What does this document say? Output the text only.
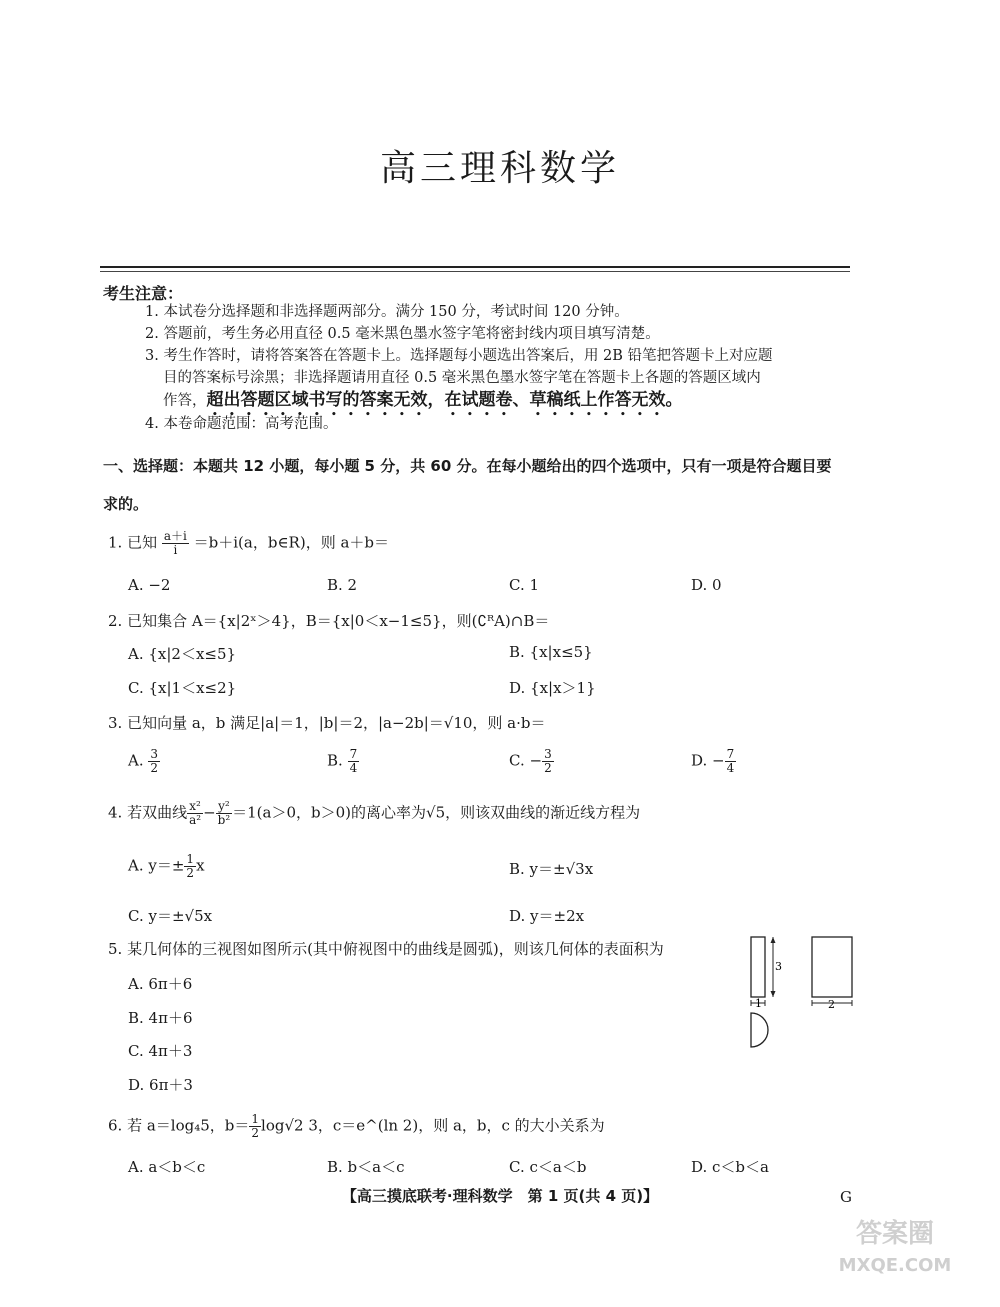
高三理科数学
考生注意：
1. 本试卷分选择题和非选择题两部分。满分 150 分，考试时间 120 分钟。
2. 答题前，考生务必用直径 0.5 毫米黑色墨水签字笔将密封线内项目填写清楚。
3. 考生作答时，请将答案答在答题卡上。选择题每小题选出答案后，用 2B 铅笔把答题卡上对应题
目的答案标号涂黑；非选择题请用直径 0.5 毫米黑色墨水签字笔在答题卡上各题的答题区域内
作答，超出答题区域书写的答案无效，在试题卷、草稿纸上作答无效。
4. 本卷命题范围：高考范围。
一、选择题：本题共 12 小题，每小题 5 分，共 60 分。在每小题给出的四个选项中，只有一项是符合题目要
求的。
1. 已知 $\frac{a+i}{i} =b+i(a$，b∈R)，则 a＋b＝
A. −2	B. 2	C. 1	D. 0
2. 已知集合 A＝{x|2ˣ＞4}，B＝{x|0＜x−1≤5}，则(∁ᴿA)∩B＝
A. {x|2＜x≤5}	B. {x|x≤5}
C. {x|1＜x≤2}	D. {x|x＞1}
3. 已知向量 a，b 满足|a|＝1，|b|＝2，|a−2b|＝√10，则 a·b＝
A. $\frac{3}{2}$	B. $\frac{7}{4}$	C. − $\frac{3}{2}$	D. − $\frac{7}{4}$
4. 若双曲线 $\frac{\text{x²}}{\text{a²}} - \frac{\text{y²}}{\text{b²}} =1(a>0$，b＞0)的离心率为√5，则该双曲线的渐近线方程为
A. $y=\pm \frac{1}{2}$ x	B. y＝±√3x
C. y＝±√5x	D. y＝±2x
5. 某几何体的三视图如图所示(其中俯视图中的曲线是圆弧)，则该几何体的表面积为
A. 6π＋6
B. 4π＋6
C. 4π＋3
D. 6π＋3
3
1	2
6. 若 a＝log₄5，$b= \frac{1}{2} \log√2$ 3，c＝e^(ln 2)，则 a，b，c 的大小关系为
A. a＜b＜c	B. b＜a＜c	C. c＜a＜b	D. c＜b＜a
【高三摸底联考·理科数学　第 1 页(共 4 页)】	G
答案圈
MXQE.COM
